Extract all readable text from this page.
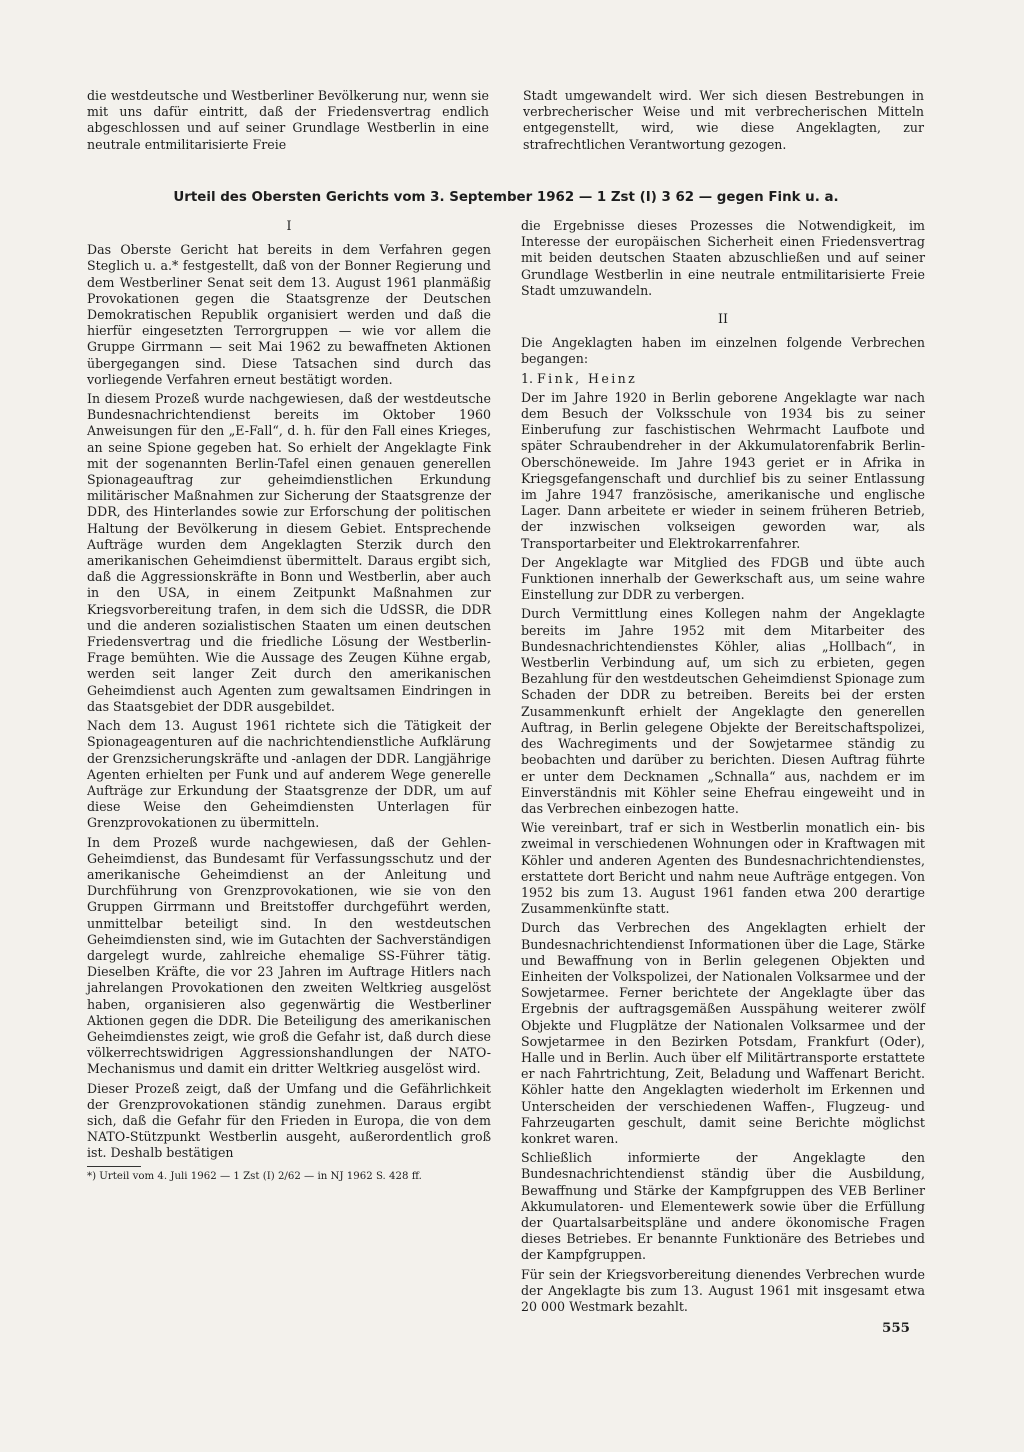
die westdeutsche und Westberliner Bevölkerung nur, wenn sie mit uns dafür eintritt, daß der Friedensvertrag endlich abgeschlossen und auf seiner Grundlage Westberlin in eine neutrale entmilitarisierte Freie

Stadt umgewandelt wird. Wer sich diesen Bestrebungen in verbrecherischer Weise und mit verbrecherischen Mitteln entgegenstellt, wird, wie diese Angeklagten, zur strafrechtlichen Verantwortung gezogen.

Urteil des Obersten Gerichts vom 3. September 1962 — 1 Zst (I) 3 62 — gegen Fink u. a.
I

Das Oberste Gericht hat bereits in dem Verfahren gegen Steglich u. a.* festgestellt, daß von der Bonner Regierung und dem Westberliner Senat seit dem 13. August 1961 planmäßig Provokationen gegen die Staatsgrenze der Deutschen Demokratischen Republik organisiert werden und daß die hierfür eingesetzten Terrorgruppen — wie vor allem die Gruppe Girrmann — seit Mai 1962 zu bewaffneten Aktionen übergegangen sind. Diese Tatsachen sind durch das vorliegende Verfahren erneut bestätigt worden.

In diesem Prozeß wurde nachgewiesen, daß der westdeutsche Bundesnachrichtendienst bereits im Oktober 1960 Anweisungen für den „E-Fall“, d. h. für den Fall eines Krieges, an seine Spione gegeben hat. So erhielt der Angeklagte Fink mit der sogenannten Berlin-Tafel einen genauen generellen Spionageauftrag zur geheimdienstlichen Erkundung militärischer Maßnahmen zur Sicherung der Staatsgrenze der DDR, des Hinterlandes sowie zur Erforschung der politischen Haltung der Bevölkerung in diesem Gebiet. Entsprechende Aufträge wurden dem Angeklagten Sterzik durch den amerikanischen Geheimdienst übermittelt. Daraus ergibt sich, daß die Aggressionskräfte in Bonn und Westberlin, aber auch in den USA, in einem Zeitpunkt Maßnahmen zur Kriegsvorbereitung trafen, in dem sich die UdSSR, die DDR und die anderen sozialistischen Staaten um einen deutschen Friedensvertrag und die friedliche Lösung der Westberlin-Frage bemühten. Wie die Aussage des Zeugen Kühne ergab, werden seit langer Zeit durch den amerikanischen Geheimdienst auch Agenten zum gewaltsamen Eindringen in das Staatsgebiet der DDR ausgebildet.

Nach dem 13. August 1961 richtete sich die Tätigkeit der Spionageagenturen auf die nachrichtendienstliche Aufklärung der Grenzsicherungskräfte und -anlagen der DDR. Langjährige Agenten erhielten per Funk und auf anderem Wege generelle Aufträge zur Erkundung der Staatsgrenze der DDR, um auf diese Weise den Geheimdiensten Unterlagen für Grenzprovokationen zu übermitteln.

In dem Prozeß wurde nachgewiesen, daß der Gehlen-Geheimdienst, das Bundesamt für Verfassungsschutz und der amerikanische Geheimdienst an der Anleitung und Durchführung von Grenzprovokationen, wie sie von den Gruppen Girrmann und Breitstoffer durchgeführt werden, unmittelbar beteiligt sind. In den westdeutschen Geheimdiensten sind, wie im Gutachten der Sachverständigen dargelegt wurde, zahlreiche ehemalige SS-Führer tätig. Dieselben Kräfte, die vor 23 Jahren im Auftrage Hitlers nach jahrelangen Provokationen den zweiten Weltkrieg ausgelöst haben, organisieren also gegenwärtig die Westberliner Aktionen gegen die DDR. Die Beteiligung des amerikanischen Geheimdienstes zeigt, wie groß die Gefahr ist, daß durch diese völkerrechtswidrigen Aggressionshandlungen der NATO-Mechanismus und damit ein dritter Weltkrieg ausgelöst wird.

Dieser Prozeß zeigt, daß der Umfang und die Gefährlichkeit der Grenzprovokationen ständig zunehmen. Daraus ergibt sich, daß die Gefahr für den Frieden in Europa, die von dem NATO-Stützpunkt Westberlin ausgeht, außerordentlich groß ist. Deshalb bestätigen

*) Urteil vom 4. Juli 1962 — 1 Zst (I) 2/62 — in NJ 1962 S. 428 ff.

die Ergebnisse dieses Prozesses die Notwendigkeit, im Interesse der europäischen Sicherheit einen Friedensvertrag mit beiden deutschen Staaten abzuschließen und auf seiner Grundlage Westberlin in eine neutrale entmilitarisierte Freie Stadt umzuwandeln.

II

Die Angeklagten haben im einzelnen folgende Verbrechen begangen:

1. Fink, Heinz

Der im Jahre 1920 in Berlin geborene Angeklagte war nach dem Besuch der Volksschule von 1934 bis zu seiner Einberufung zur faschistischen Wehrmacht Laufbote und später Schraubendreher in der Akkumulatorenfabrik Berlin-Oberschöneweide. Im Jahre 1943 geriet er in Afrika in Kriegsgefangenschaft und durchlief bis zu seiner Entlassung im Jahre 1947 französische, amerikanische und englische Lager. Dann arbeitete er wieder in seinem früheren Betrieb, der inzwischen volkseigen geworden war, als Transportarbeiter und Elektrokarrenfahrer.

Der Angeklagte war Mitglied des FDGB und übte auch Funktionen innerhalb der Gewerkschaft aus, um seine wahre Einstellung zur DDR zu verbergen.

Durch Vermittlung eines Kollegen nahm der Angeklagte bereits im Jahre 1952 mit dem Mitarbeiter des Bundesnachrichtendienstes Köhler, alias „Hollbach“, in Westberlin Verbindung auf, um sich zu erbieten, gegen Bezahlung für den westdeutschen Geheimdienst Spionage zum Schaden der DDR zu betreiben. Bereits bei der ersten Zusammenkunft erhielt der Angeklagte den generellen Auftrag, in Berlin gelegene Objekte der Bereitschaftspolizei, des Wachregiments und der Sowjetarmee ständig zu beobachten und darüber zu berichten. Diesen Auftrag führte er unter dem Decknamen „Schnalla“ aus, nachdem er im Einverständnis mit Köhler seine Ehefrau eingeweiht und in das Verbrechen einbezogen hatte.

Wie vereinbart, traf er sich in Westberlin monatlich ein- bis zweimal in verschiedenen Wohnungen oder in Kraftwagen mit Köhler und anderen Agenten des Bundesnachrichtendienstes, erstattete dort Bericht und nahm neue Aufträge entgegen. Von 1952 bis zum 13. August 1961 fanden etwa 200 derartige Zusammenkünfte statt.

Durch das Verbrechen des Angeklagten erhielt der Bundesnachrichtendienst Informationen über die Lage, Stärke und Bewaffnung von in Berlin gelegenen Objekten und Einheiten der Volkspolizei, der Nationalen Volksarmee und der Sowjetarmee. Ferner berichtete der Angeklagte über das Ergebnis der auftragsgemäßen Ausspähung weiterer zwölf Objekte und Flugplätze der Nationalen Volksarmee und der Sowjetarmee in den Bezirken Potsdam, Frankfurt (Oder), Halle und in Berlin. Auch über elf Militärtransporte erstattete er nach Fahrtrichtung, Zeit, Beladung und Waffenart Bericht. Köhler hatte den Angeklagten wiederholt im Erkennen und Unterscheiden der verschiedenen Waffen-, Flugzeug- und Fahrzeugarten geschult, damit seine Berichte möglichst konkret waren.

Schließlich informierte der Angeklagte den Bundesnachrichtendienst ständig über die Ausbildung, Bewaffnung und Stärke der Kampfgruppen des VEB Berliner Akkumulatoren- und Elementewerk sowie über die Erfüllung der Quartalsarbeitspläne und andere ökonomische Fragen dieses Betriebes. Er benannte Funktionäre des Betriebes und der Kampfgruppen.

Für sein der Kriegsvorbereitung dienendes Verbrechen wurde der Angeklagte bis zum 13. August 1961 mit insgesamt etwa 20 000 Westmark bezahlt.

555
